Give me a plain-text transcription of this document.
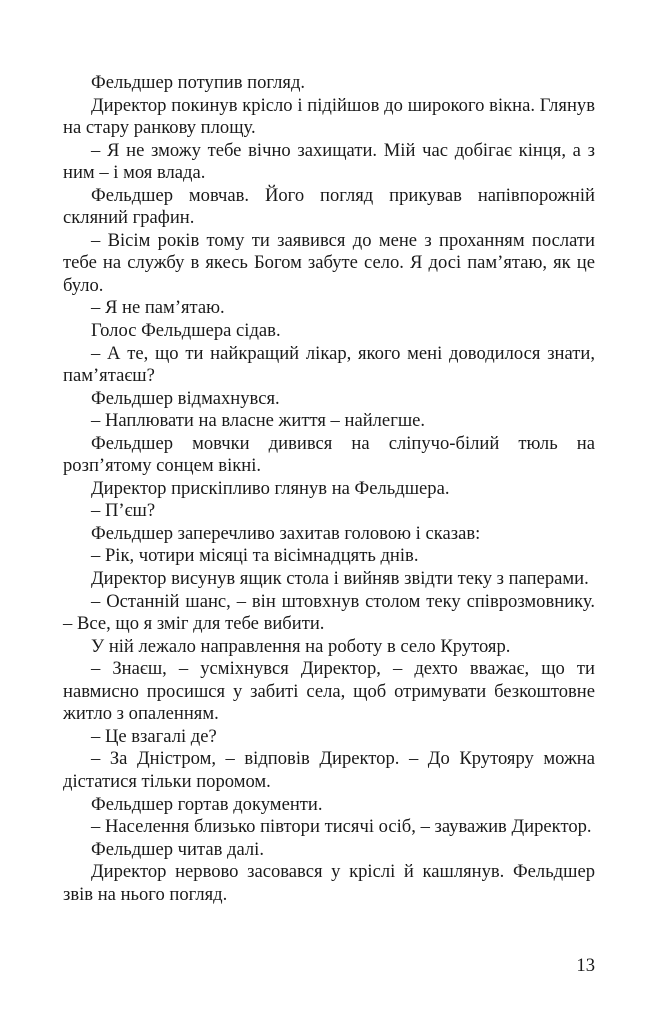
Фельдшер потупив погляд.

Директор покинув крісло і підійшов до широкого вікна. Глянув на стару ранкову площу.

– Я не зможу тебе вічно захищати. Мій час добігає кінця, а з ним – і моя влада.

Фельдшер мовчав. Його погляд прикував напівпорожній скляний графин.

– Вісім років тому ти заявився до мене з проханням послати тебе на службу в якесь Богом забуте село. Я досі пам’ятаю, як це було.

– Я не пам’ятаю.

Голос Фельдшера сідав.

– А те, що ти найкращий лікар, якого мені доводилося знати, пам’ятаєш?

Фельдшер відмахнувся.

– Наплювати на власне життя – найлегше.

Фельдшер мовчки дивився на сліпучо-білий тюль на розп’ятому сонцем вікні.

Директор прискіпливо глянув на Фельдшера.

– П’єш?

Фельдшер заперечливо захитав головою і сказав:

– Рік, чотири місяці та вісімнадцять днів.

Директор висунув ящик стола і вийняв звідти теку з паперами.

– Останній шанс, – він штовхнув столом теку співрозмовнику. – Все, що я зміг для тебе вибити.

У ній лежало направлення на роботу в село Крутояр.

– Знаєш, – усміхнувся Директор, – дехто вважає, що ти навмисно просишся у забиті села, щоб отримувати безкоштовне житло з опаленням.

– Це взагалі де?

– За Дністром, – відповів Директор. – До Крутояру можна дістатися тільки поромом.

Фельдшер гортав документи.

– Населення близько півтори тисячі осіб, – зауважив Директор.

Фельдшер читав далі.

Директор нервово засовався у кріслі й кашлянув. Фельдшер звів на нього погляд.

13
